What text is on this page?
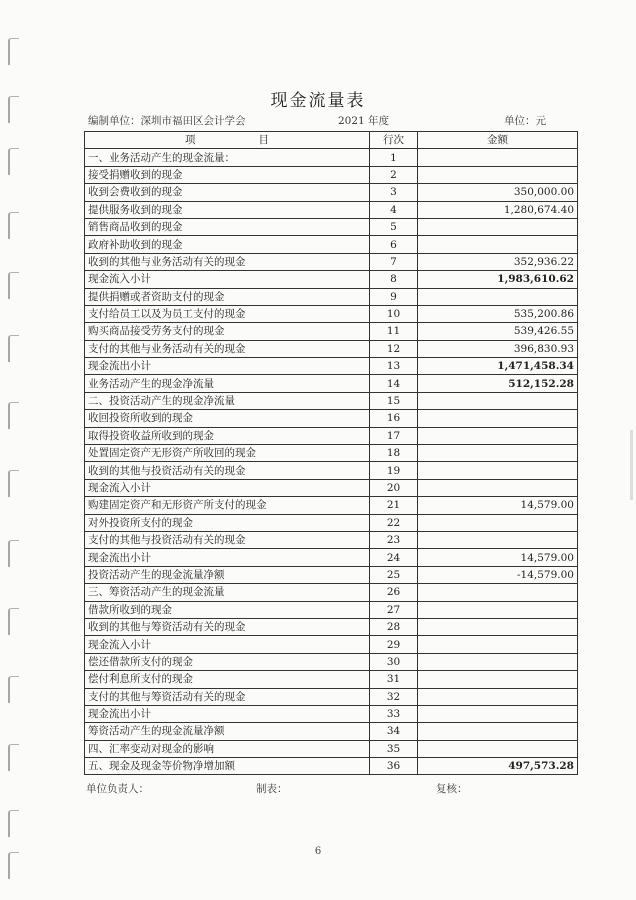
现金流量表
编制单位：深圳市福田区会计学会	2021 年度	单位：元
项　　　　　　目	行次	金额
一、业务活动产生的现金流量：	1	
接受捐赠收到的现金	2	
收到会费收到的现金	3	350,000.00
提供服务收到的现金	4	1,280,674.40
销售商品收到的现金	5	
政府补助收到的现金	6	
收到的其他与业务活动有关的现金	7	352,936.22
现金流入小计	8	1,983,610.62
提供捐赠或者资助支付的现金	9	
支付给员工以及为员工支付的现金	10	535,200.86
购买商品接受劳务支付的现金	11	539,426.55
支付的其他与业务活动有关的现金	12	396,830.93
现金流出小计	13	1,471,458.34
业务活动产生的现金净流量	14	512,152.28
二、投资活动产生的现金净流量	15	
收回投资所收到的现金	16	
取得投资收益所收到的现金	17	
处置固定资产无形资产所收回的现金	18	
收到的其他与投资活动有关的现金	19	
现金流入小计	20	
购建固定资产和无形资产所支付的现金	21	14,579.00
对外投资所支付的现金	22	
支付的其他与投资活动有关的现金	23	
现金流出小计	24	14,579.00
投资活动产生的现金流量净额	25	-14,579.00
三、筹资活动产生的现金流量	26	
借款所收到的现金	27	
收到的其他与筹资活动有关的现金	28	
现金流入小计	29	
偿还借款所支付的现金	30	
偿付利息所支付的现金	31	
支付的其他与筹资活动有关的现金	32	
现金流出小计	33	
筹资活动产生的现金流量净额	34	
四、汇率变动对现金的影响	35	
五、现金及现金等价物净增加额	36	497,573.28
单位负责人：	制表：	复核：
6
